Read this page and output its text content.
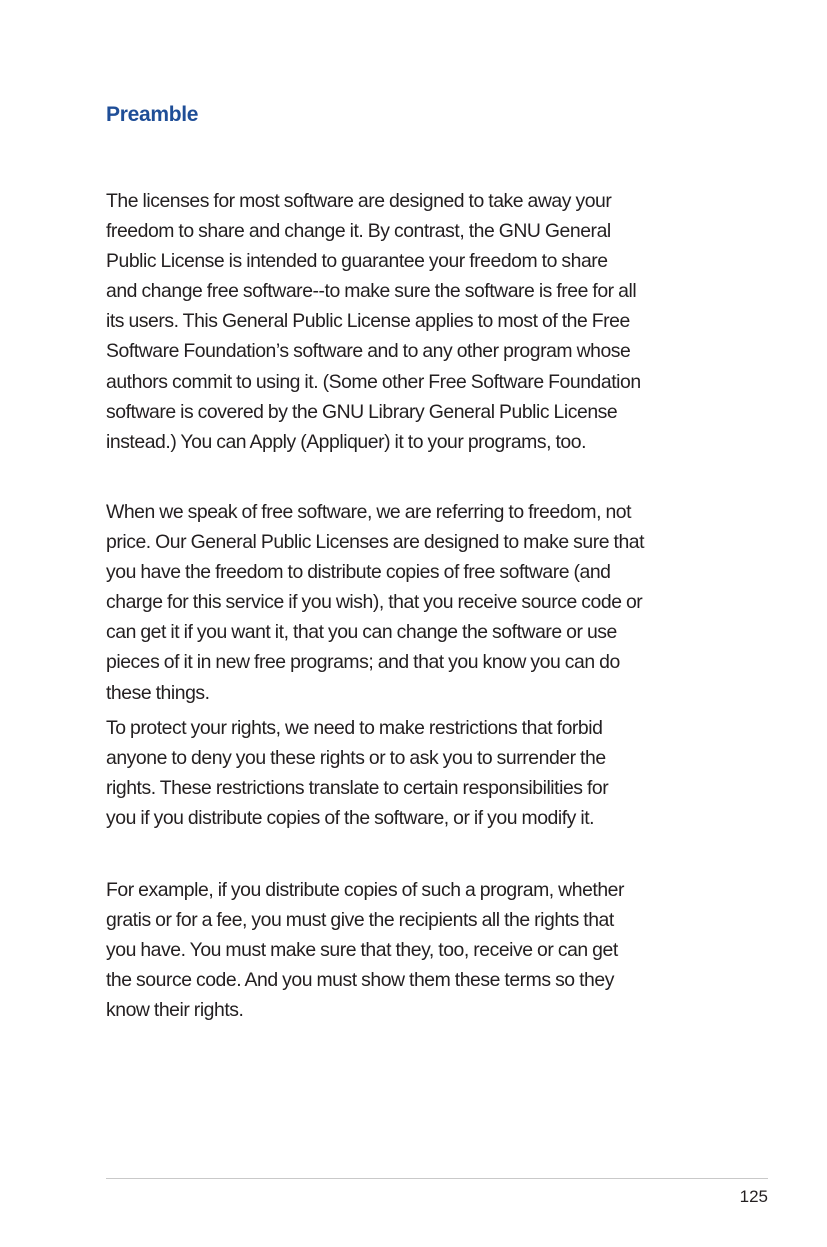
Preamble

The licenses for most software are designed to take away your
freedom to share and change it. By contrast, the GNU General
Public License is intended to guarantee your freedom to share
and change free software--to make sure the software is free for all
its users. This General Public License applies to most of the Free
Software Foundation’s software and to any other program whose
authors commit to using it. (Some other Free Software Foundation
software is covered by the GNU Library General Public License
instead.) You can Apply (Appliquer) it to your programs, too.

When we speak of free software, we are referring to freedom, not
price. Our General Public Licenses are designed to make sure that
you have the freedom to distribute copies of free software (and
charge for this service if you wish), that you receive source code or
can get it if you want it, that you can change the software or use
pieces of it in new free programs; and that you know you can do
these things.

To protect your rights, we need to make restrictions that forbid
anyone to deny you these rights or to ask you to surrender the
rights. These restrictions translate to certain responsibilities for
you if you distribute copies of the software, or if you modify it.

For example, if you distribute copies of such a program, whether
gratis or for a fee, you must give the recipients all the rights that
you have. You must make sure that they, too, receive or can get
the source code. And you must show them these terms so they
know their rights.

125
